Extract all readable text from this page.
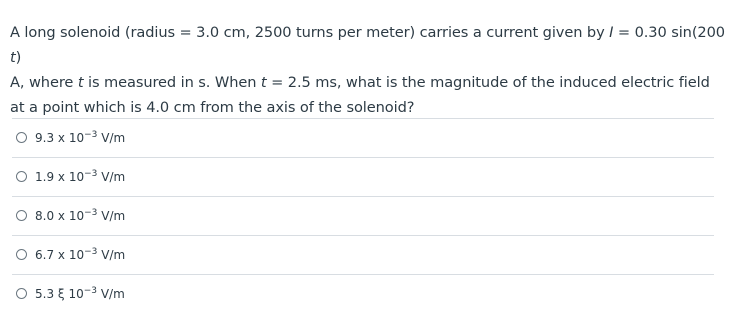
A long solenoid (radius = 3.0 cm, 2500 turns per meter) carries a current given by I = 0.30 sin(200 t)
A, where t is measured in s. When t = 2.5 ms, what is the magnitude of the induced electric field at a point which is 4.0 cm from the axis of the solenoid?
9.3 x $10^{-3}$ V/m
1.9 x $10^{-3}$ V/m
8.0 x $10^{-3}$ V/m
6.7 x $10^{-3}$ V/m
5.3 ξ $10^{-3}$ V/m
